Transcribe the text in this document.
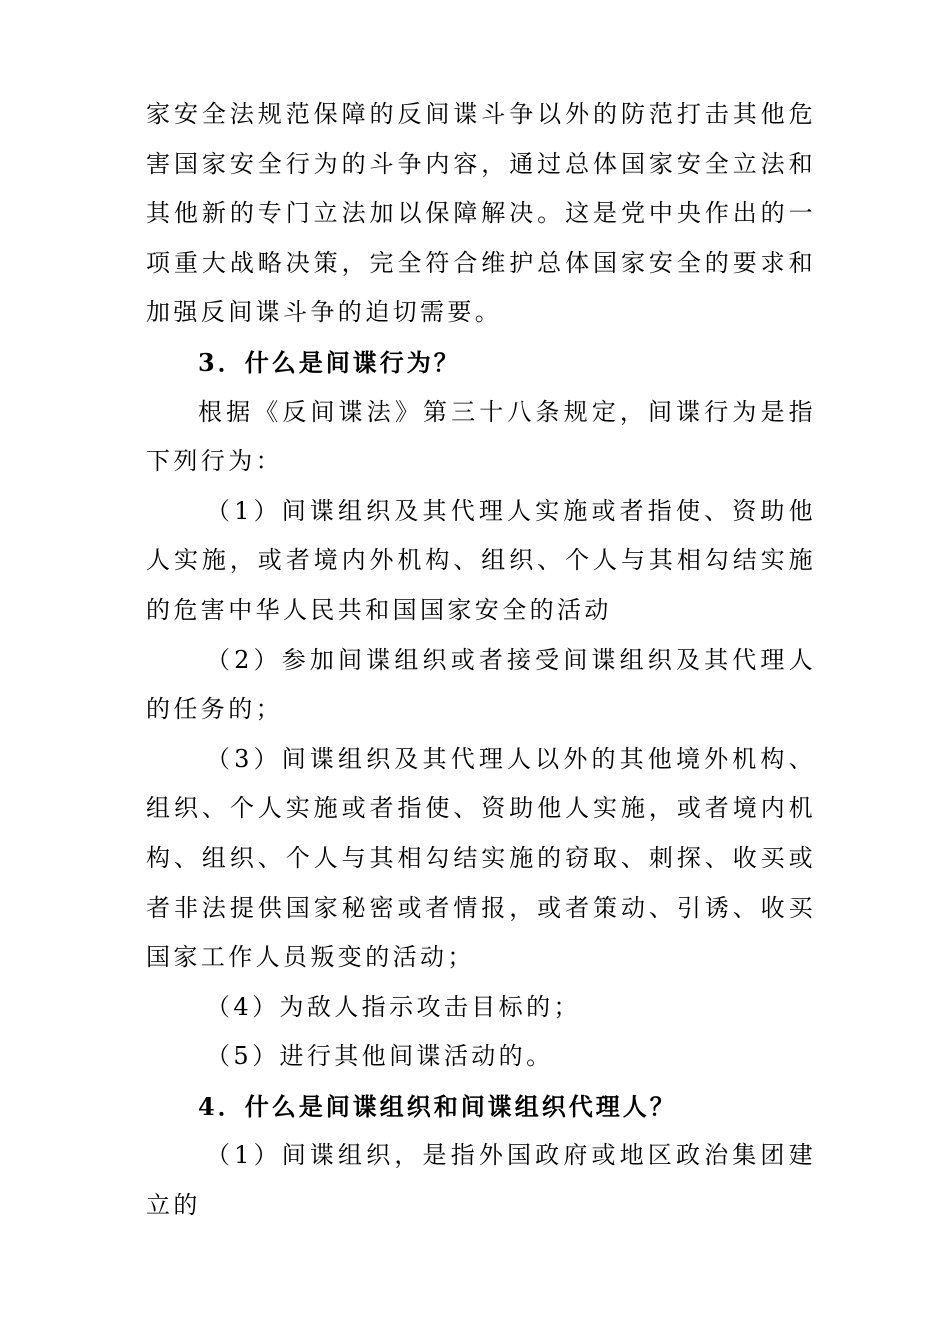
家安全法规范保障的反间谍斗争以外的防范打击其他危害国家安全行为的斗争内容，通过总体国家安全立法和其他新的专门立法加以保障解决。这是党中央作出的一项重大战略决策，完全符合维护总体国家安全的要求和加强反间谍斗争的迫切需要。

3．什么是间谍行为？

根据《反间谍法》第三十八条规定，间谍行为是指下列行为：

（1）间谍组织及其代理人实施或者指使、资助他人实施，或者境内外机构、组织、个人与其相勾结实施的危害中华人民共和国国家安全的活动

（2）参加间谍组织或者接受间谍组织及其代理人的任务的；

（3）间谍组织及其代理人以外的其他境外机构、组织、个人实施或者指使、资助他人实施，或者境内机构、组织、个人与其相勾结实施的窃取、刺探、收买或者非法提供国家秘密或者情报，或者策动、引诱、收买国家工作人员叛变的活动；

（4）为敌人指示攻击目标的；

（5）进行其他间谍活动的。

4．什么是间谍组织和间谍组织代理人？

（1）间谍组织，是指外国政府或地区政治集团建立的
